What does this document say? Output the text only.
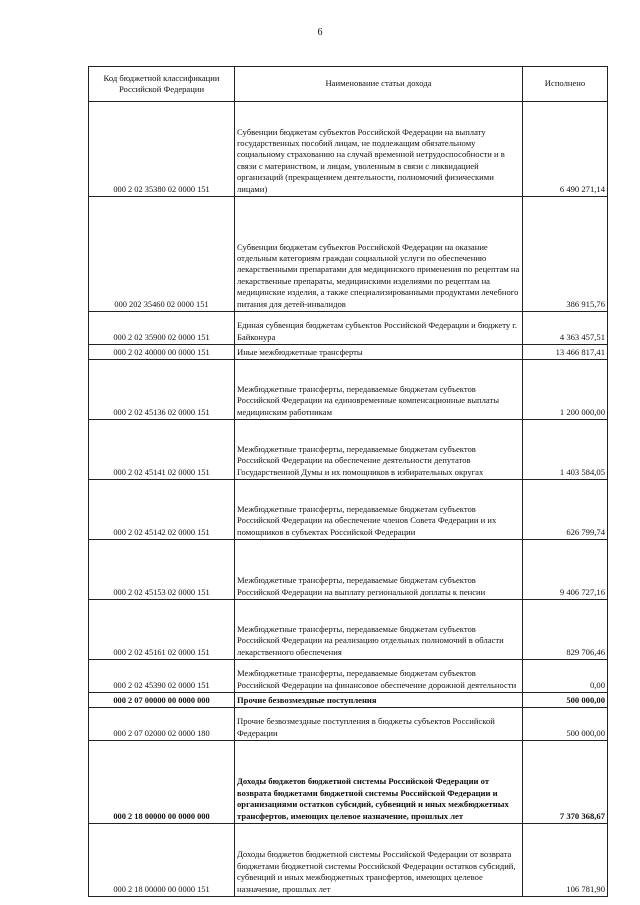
6
Код бюджетной классификации Российской Федерации	Наименование статьи дохода	Исполнено
000 2 02 35380 02 0000 151	Субвенции бюджетам субъектов Российской Федерации на выплату государственных пособий лицам, не подлежащим обязательному социальному страхованию на случай временной нетрудоспособности и в связи с материнством, и лицам, уволенным в связи с ликвидацией организаций (прекращением деятельности, полномочий физическими лицами)	6 490 271,14
000 202 35460 02 0000 151	Субвенции бюджетам субъектов Российской Федерации на оказание отдельным категориям граждан социальной услуги по обеспечению лекарственными препаратами для медицинского применения по рецептам на лекарственные препараты, медицинскими изделиями по рецептам на медицинские изделия, а также специализированными продуктами лечебного питания для детей-инвалидов	386 915,76
000 2 02 35900 02 0000 151	Единая субвенция бюджетам субъектов Российской Федерации и бюджету г. Байконура	4 363 457,51
000 2 02 40000 00 0000 151	Иные межбюджетные трансферты	13 466 817,41
000 2 02 45136 02 0000 151	Межбюджетные трансферты, передаваемые бюджетам субъектов Российской Федерации на единовременные компенсационные выплаты медицинским работникам	1 200 000,00
000 2 02 45141 02 0000 151	Межбюджетные трансферты, передаваемые бюджетам субъектов Российской Федерации на обеспечение деятельности депутатов Государственной Думы и их помощников в избирательных округах	1 403 584,05
000 2 02 45142 02 0000 151	Межбюджетные трансферты, передаваемые бюджетам субъектов Российской Федерации на обеспечение членов Совета Федерации и их помощников в субъектах Российской Федерации	626 799,74
000 2 02 45153 02 0000 151	Межбюджетные трансферты, передаваемые бюджетам субъектов Российской Федерации на выплату региональной доплаты к пенсии	9 406 727,16
000 2 02 45161 02 0000 151	Межбюджетные трансферты, передаваемые бюджетам субъектов Российской Федерации на реализацию отдельных полномочий в области лекарственного обеспечения	829 706,46
000 2 02 45390 02 0000 151	Межбюджетные трансферты, передаваемые бюджетам субъектов Российской Федерации на финансовое обеспечение дорожной деятельности	0,00
000 2 07 00000 00 0000 000	Прочие безвозмездные поступления	500 000,00
000 2 07 02000 02 0000 180	Прочие безвозмездные поступления в бюджеты субъектов Российской Федерации	500 000,00
000 2 18 00000 00 0000 000	Доходы бюджетов бюджетной системы Российской Федерации от возврата бюджетами бюджетной системы Российской Федерации и организациями остатков субсидий, субвенций и иных межбюджетных трансфертов, имеющих целевое назначение, прошлых лет	7 370 368,67
000 2 18 00000 00 0000 151	Доходы бюджетов бюджетной системы Российской Федерации от возврата бюджетами бюджетной системы Российской Федерации остатков субсидий, субвенций и иных межбюджетных трансфертов, имеющих целевое назначение, прошлых лет	106 781,90
